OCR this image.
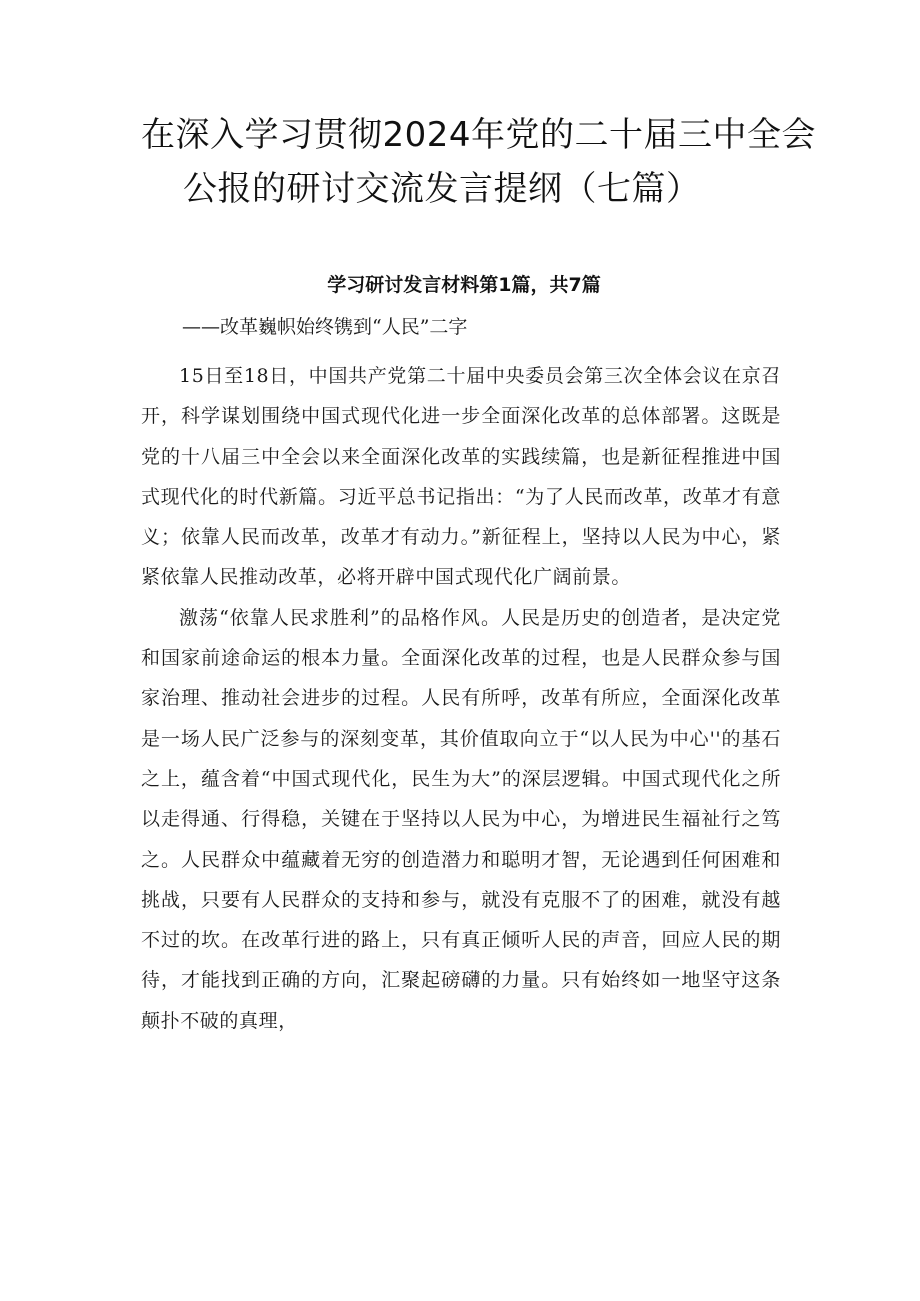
在深入学习贯彻2024年党的二十届三中全会
公报的研讨交流发言提纲（七篇）
学习研讨发言材料第1篇，共7篇

——改革巍帜始终镌到“人民”二字

15日至18日，中国共产党第二十届中央委员会第三次全体会议在京召开，科学谋划围绕中国式现代化进一步全面深化改革的总体部署。这既是党的十八届三中全会以来全面深化改革的实践续篇，也是新征程推进中国式现代化的时代新篇。习近平总书记指出：“为了人民而改革，改革才有意义；依靠人民而改革，改革才有动力。”新征程上，坚持以人民为中心，紧紧依靠人民推动改革，必将开辟中国式现代化广阔前景。

激荡“依靠人民求胜利”的品格作风。人民是历史的创造者，是决定党和国家前途命运的根本力量。全面深化改革的过程，也是人民群众参与国家治理、推动社会进步的过程。人民有所呼，改革有所应，全面深化改革是一场人民广泛参与的深刻变革，其价值取向立于“以人民为中心''的基石之上，蕴含着“中国式现代化，民生为大”的深层逻辑。中国式现代化之所以走得通、行得稳，关键在于坚持以人民为中心，为增进民生福祉行之笃之。人民群众中蕴藏着无穷的创造潜力和聪明才智，无论遇到任何困难和挑战，只要有人民群众的支持和参与，就没有克服不了的困难，就没有越不过的坎。在改革行进的路上，只有真正倾听人民的声音，回应人民的期待，才能找到正确的方向，汇聚起磅礴的力量。只有始终如一地坚守这条颠扑不破的真理，
